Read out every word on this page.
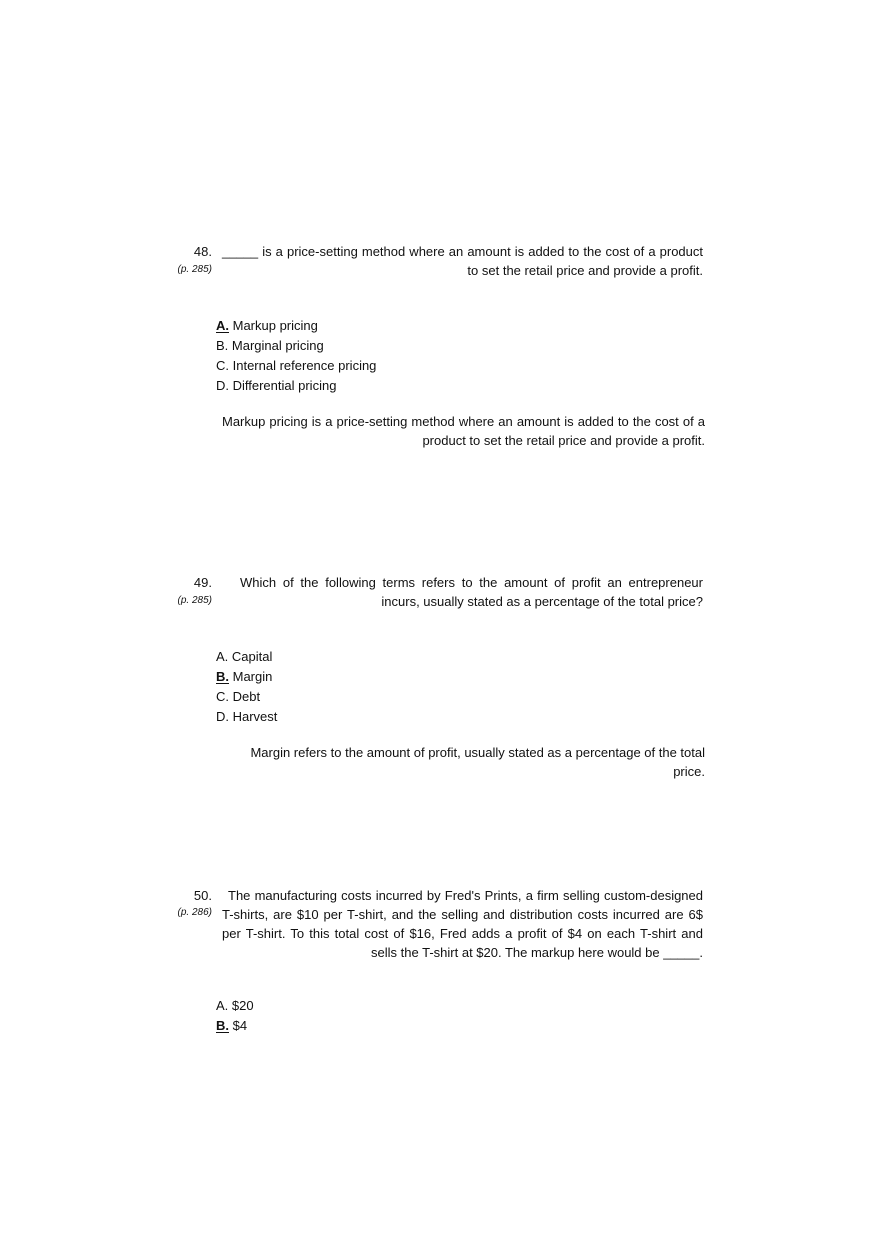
48.
(p. 285)
_____ is a price-setting method where an amount is added to the cost of a product to set the retail price and provide a profit.
A. Markup pricing
B. Marginal pricing
C. Internal reference pricing
D. Differential pricing
Markup pricing is a price-setting method where an amount is added to the cost of a product to set the retail price and provide a profit.
49.
(p. 285)
Which of the following terms refers to the amount of profit an entrepreneur incurs, usually stated as a percentage of the total price?
A. Capital
B. Margin
C. Debt
D. Harvest
Margin refers to the amount of profit, usually stated as a percentage of the total price.
50.
(p. 286)
The manufacturing costs incurred by Fred's Prints, a firm selling custom-designed T-shirts, are $10 per T-shirt, and the selling and distribution costs incurred are 6$ per T-shirt. To this total cost of $16, Fred adds a profit of $4 on each T-shirt and sells the T-shirt at $20. The markup here would be _____.
A. $20
B. $4
